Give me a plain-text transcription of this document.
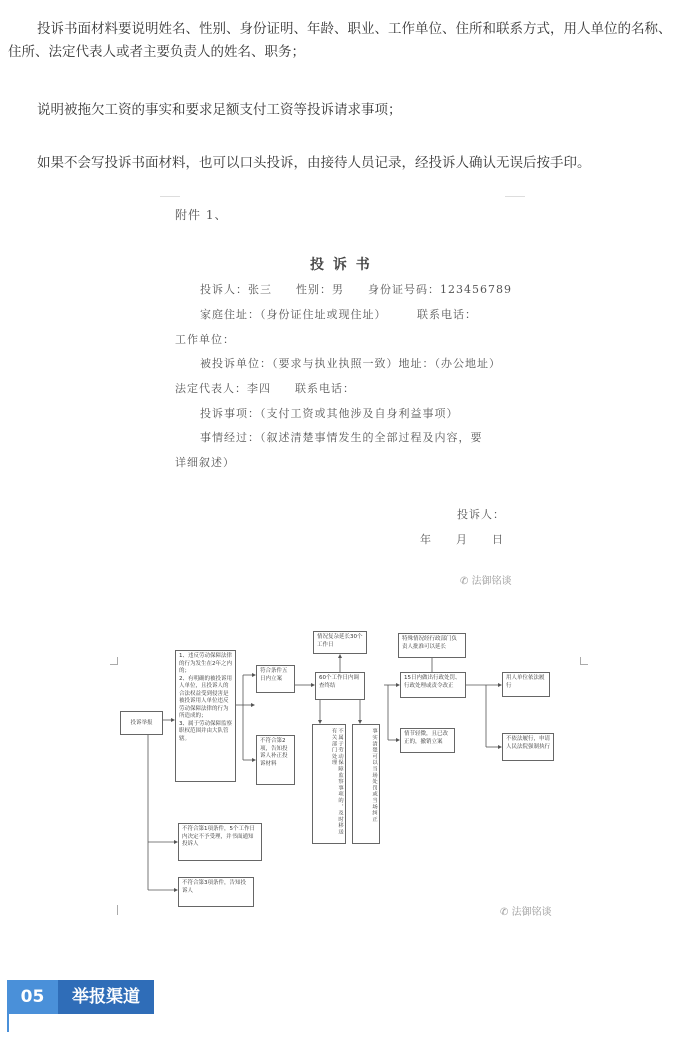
投诉书面材料要说明姓名、性别、身份证明、年龄、职业、工作单位、住所和联系方式，用人单位的名称、住所、法定代表人或者主要负责人的姓名、职务；

说明被拖欠工资的事实和要求足额支付工资等投诉请求事项；

如果不会写投诉书面材料，也可以口头投诉，由接待人员记录，经投诉人确认无误后按手印。

附件 1、
投 诉 书
投诉人：张三　　性别：男　　身份证号码：123456789
家庭住址：（身份证住址或现住址）　　　联系电话：
工作单位：
被投诉单位：（要求与执业执照一致）地址：（办公地址）
法定代表人：李四　　联系电话：
投诉事项：（支付工资或其他涉及自身利益事项）
事情经过：（叙述清楚事情发生的全部过程及内容，要
详细叙述）
投诉人：
年　　月　　日
✆ 法御铭谈
投诉举报
1、违反劳动保障法律的行为发生在2年之内的；
2、有明确的被投诉用人单位，且投诉人的合法权益受到侵害是被投诉用人单位违反劳动保障法律的行为所造成的；
3、属于劳动保障监察职权范围并由大队管辖。
符合条件五日内立案
不符合第2项，告知投诉人补正投诉材料
60个工作日内调查终结
情况复杂延长30个工作日
不属于劳动保障监察事项的，及时移送有关部门处理	事实清楚可以当场处罚或当场纠正
15日内做出行政处罚、行政处理或责令改正
特殊情况经行政部门负责人批准可以延长
情节轻微，且已改正的，撤销立案
用人单位依法履行
不依法履行，申请人民法院强制执行
不符合第1项条件，5个工作日内决定不予受理，并书面通知投诉人
不符合第3项条件，告知投诉人
✆ 法御铭谈
05	举报渠道
